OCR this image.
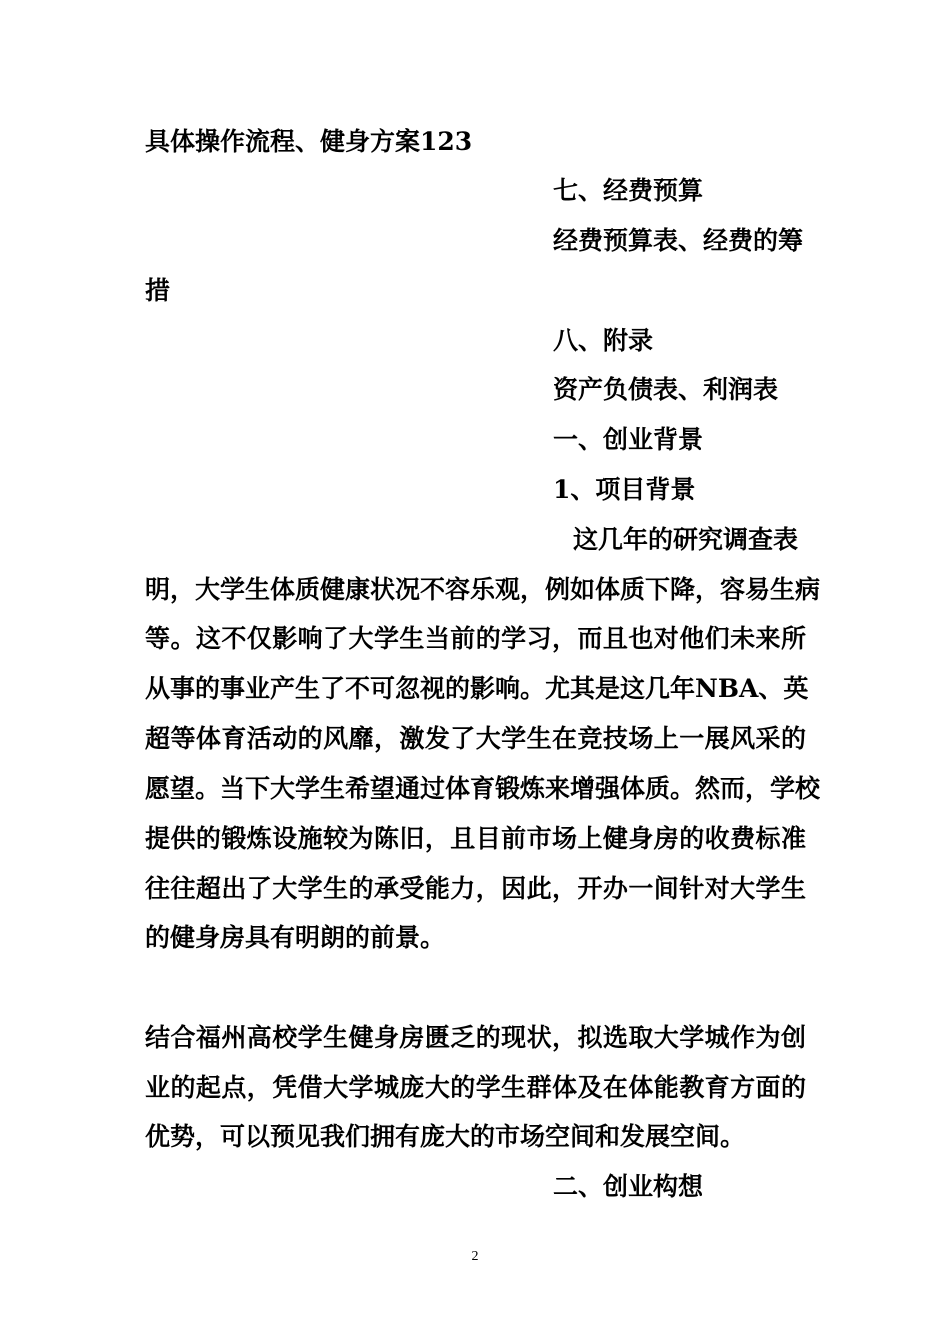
具体操作流程、健身方案123
七、经费预算
经费预算表、经费的筹
措
八、附录
资产负债表、利润表
一、创业背景
1、项目背景
这几年的研究调查表
明，大学生体质健康状况不容乐观，例如体质下降，容易生病
等。这不仅影响了大学生当前的学习，而且也对他们未来所
从事的事业产生了不可忽视的影响。尤其是这几年NBA、英
超等体育活动的风靡，激发了大学生在竞技场上一展风采的
愿望。当下大学生希望通过体育锻炼来增强体质。然而，学校
提供的锻炼设施较为陈旧，且目前市场上健身房的收费标准
往往超出了大学生的承受能力，因此，开办一间针对大学生
的健身房具有明朗的前景。
结合福州高校学生健身房匮乏的现状，拟选取大学城作为创
业的起点，凭借大学城庞大的学生群体及在体能教育方面的
优势，可以预见我们拥有庞大的市场空间和发展空间。
二、创业构想
2
